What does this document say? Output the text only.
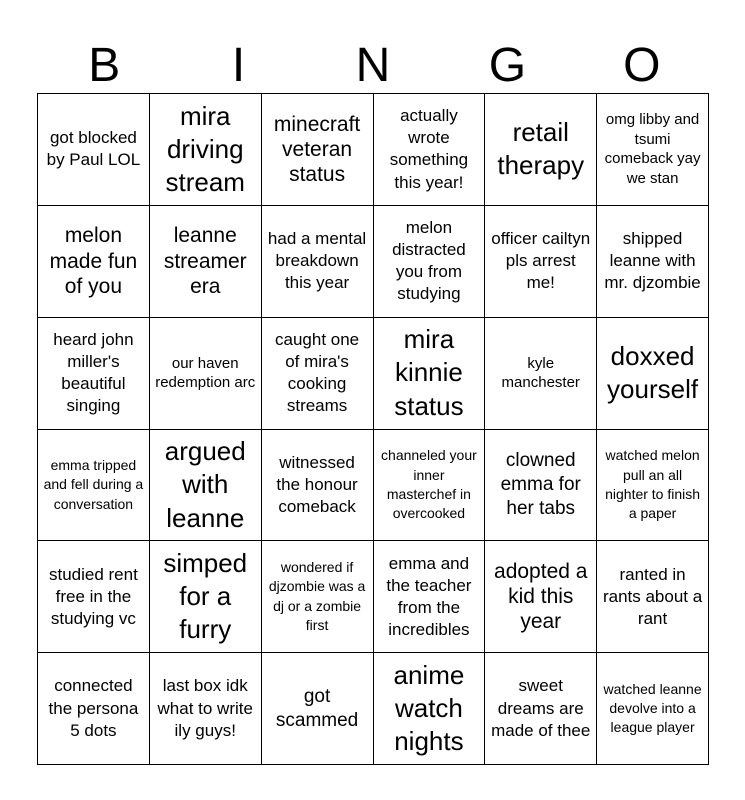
B	I	N	G	O
got blocked by Paul LOL
mira driving stream
minecraft veteran status
actually wrote something this year!
retail therapy
omg libby and tsumi comeback yay we stan
melon made fun of you
leanne streamer era
had a mental breakdown this year
melon distracted you from studying
officer cailtyn pls arrest me!
shipped leanne with mr. djzombie
heard john miller's beautiful singing
our haven redemption arc
caught one of mira's cooking streams
mira kinnie status
kyle manchester
doxxed yourself
emma tripped and fell during a conversation
argued with leanne
witnessed the honour comeback
channeled your inner masterchef in overcooked
clowned emma for her tabs
watched melon pull an all nighter to finish a paper
studied rent free in the studying vc
simped for a furry
wondered if djzombie was a dj or a zombie first
emma and the teacher from the incredibles
adopted a kid this year
ranted in rants about a rant
connected the persona 5 dots
last box idk what to write ily guys!
got scammed
anime watch nights
sweet dreams are made of thee
watched leanne devolve into a league player
